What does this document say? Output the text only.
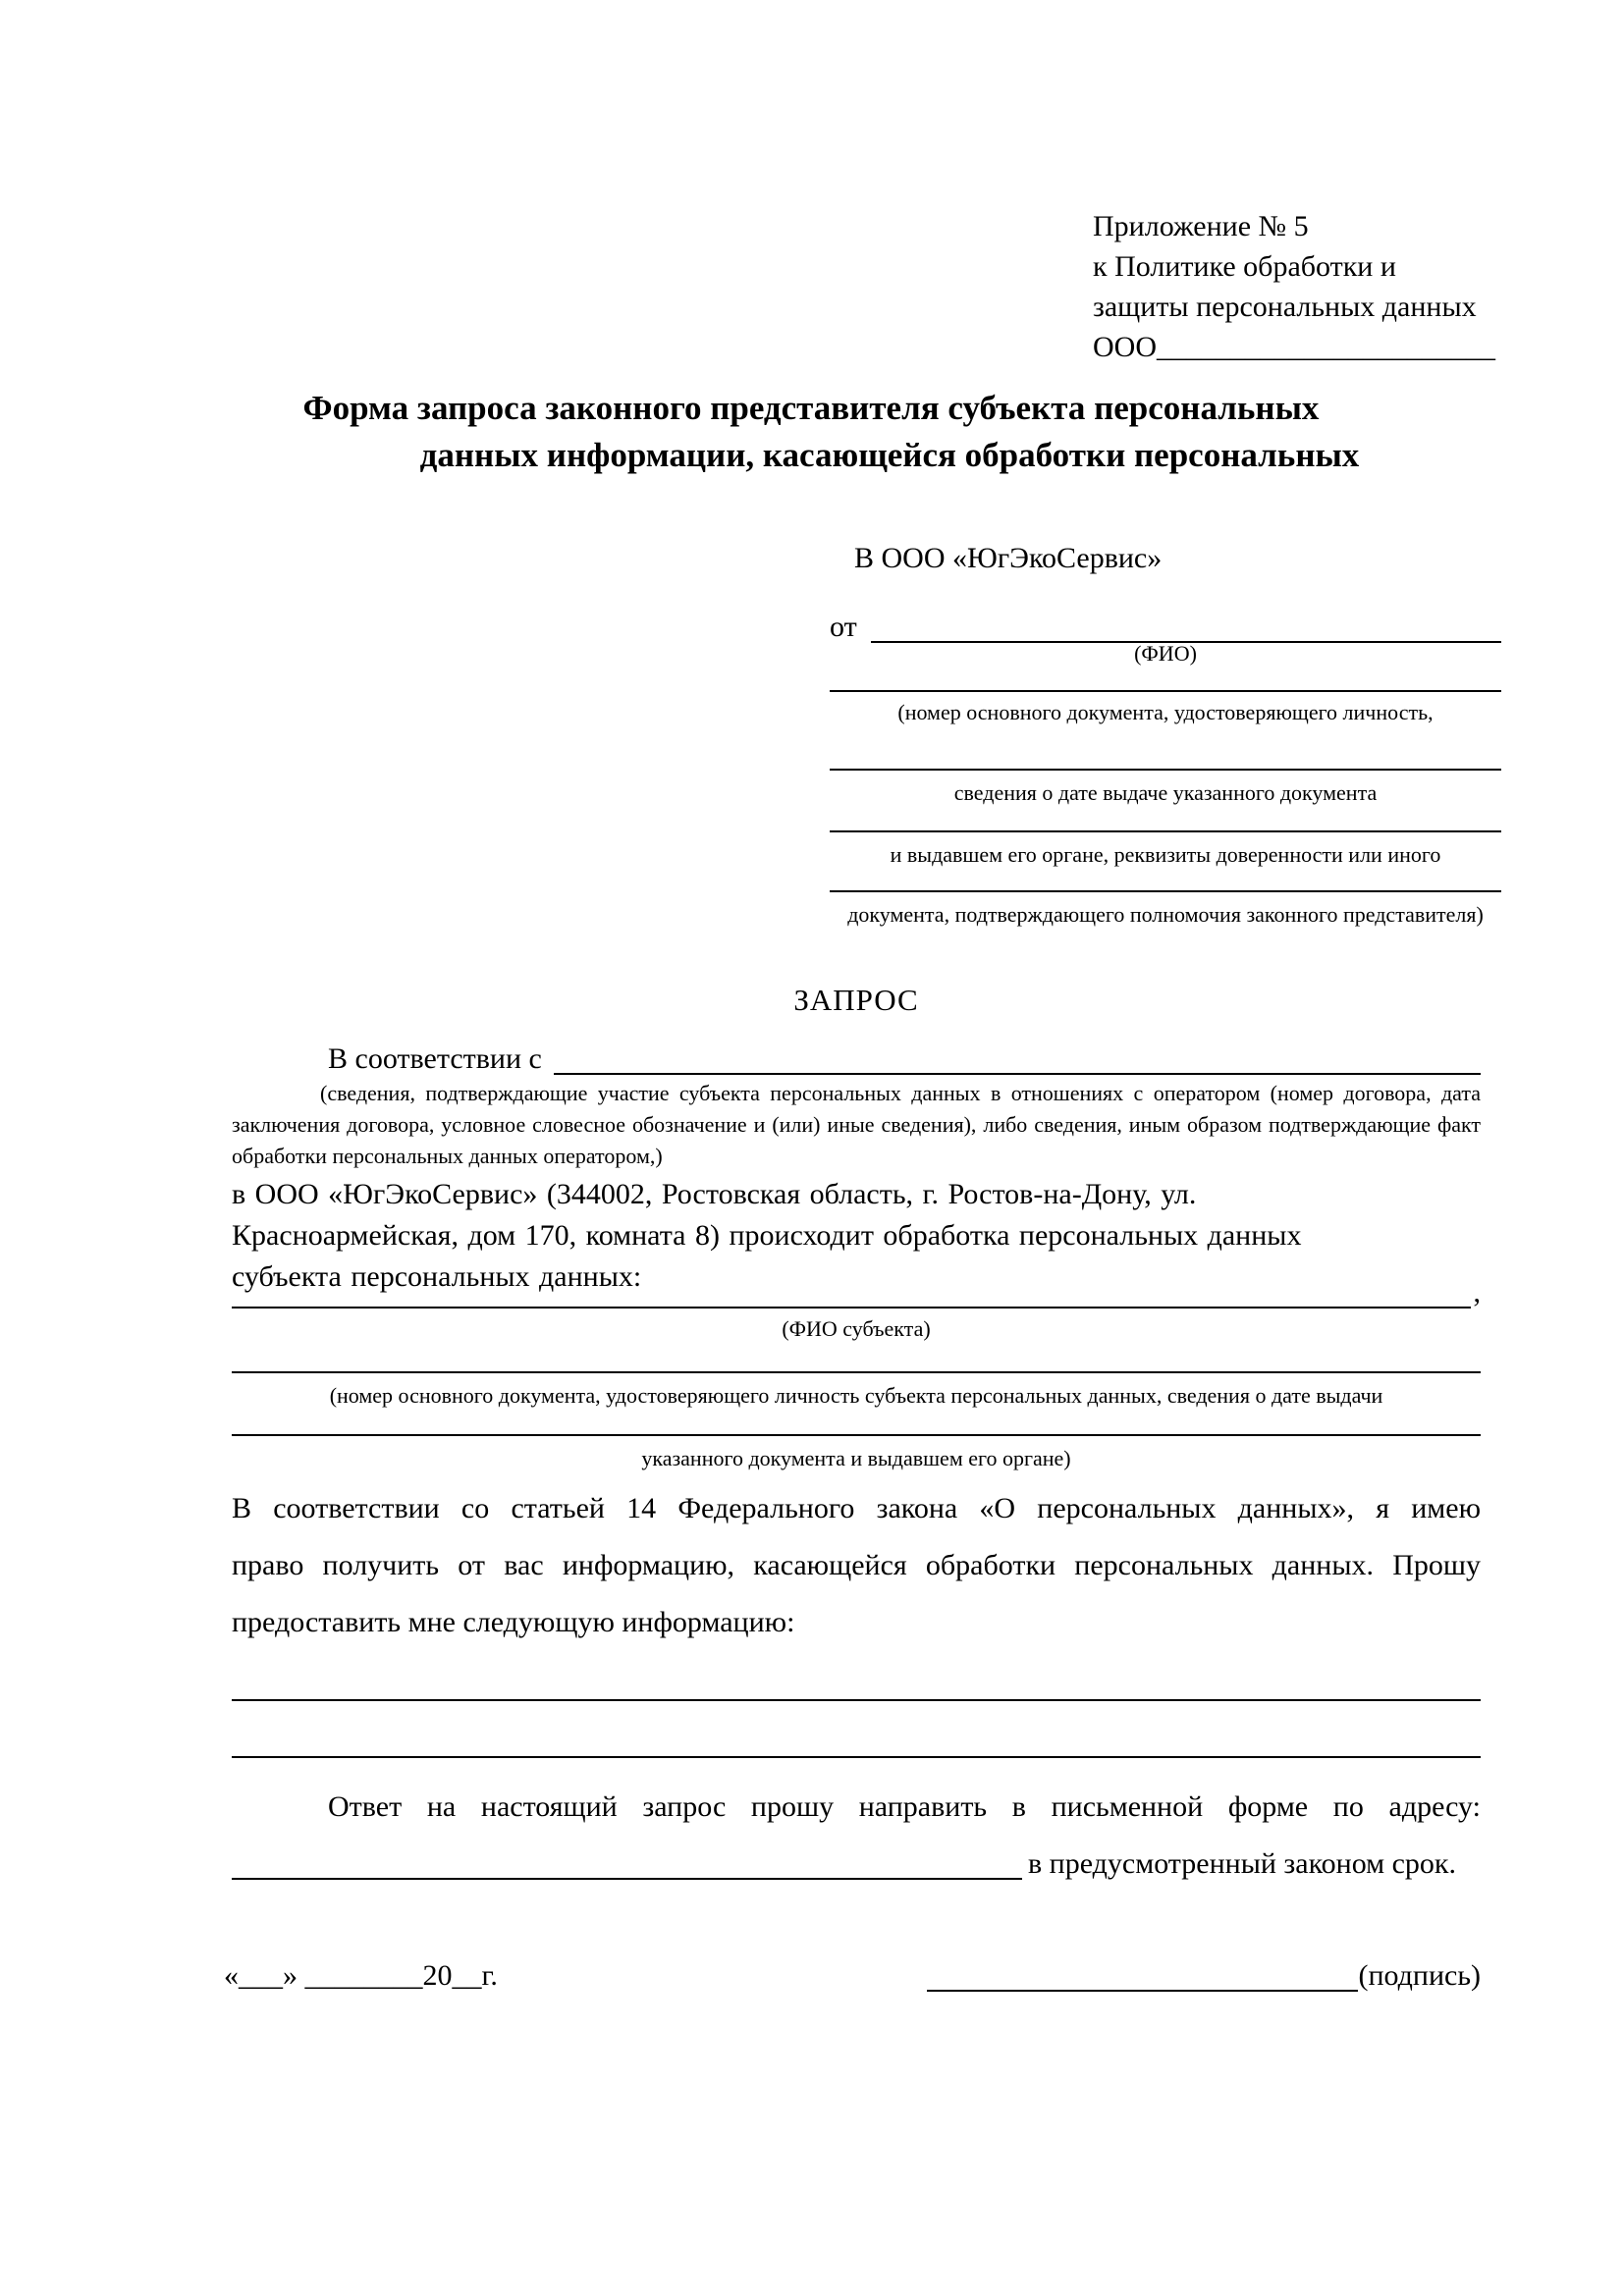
Приложение № 5
к Политике обработки и
защиты персональных данных
ООО_______________________
Форма запроса законного представителя субъекта персональных
данных информации, касающейся обработки персональных
В ООО «ЮгЭкоСервис»
от
(ФИО)
(номер основного документа, удостоверяющего личность,
сведения о дате выдаче указанного документа
и выдавшем его органе, реквизиты доверенности или иного
документа, подтверждающего полномочия законного представителя)
ЗАПРОС
В соответствии с
(сведения, подтверждающие участие субъекта персональных данных в отношениях с оператором (номер договора, дата
заключения договора, условное словесное обозначение и (или) иные сведения), либо сведения, иным образом подтверждающие факт
обработки персональных данных оператором,)
в ООО «ЮгЭкоСервис» (344002, Ростовская область, г. Ростов-на-Дону, ул.
Красноармейская, дом 170, комната 8) происходит обработка персональных данных
субъекта персональных данных:	,
(ФИО субъекта)
(номер основного документа, удостоверяющего личность субъекта персональных данных, сведения о дате выдачи
указанного документа и выдавшем его органе)
В соответствии со статьей 14 Федерального закона «О персональных данных», я имею
право получить от вас информацию, касающейся обработки персональных данных. Прошу
предоставить мне следующую информацию:
Ответ на настоящий запрос прошу направить в письменной форме по адресу:
в предусмотренный законом срок.
«___» ________20__г.	(подпись)
